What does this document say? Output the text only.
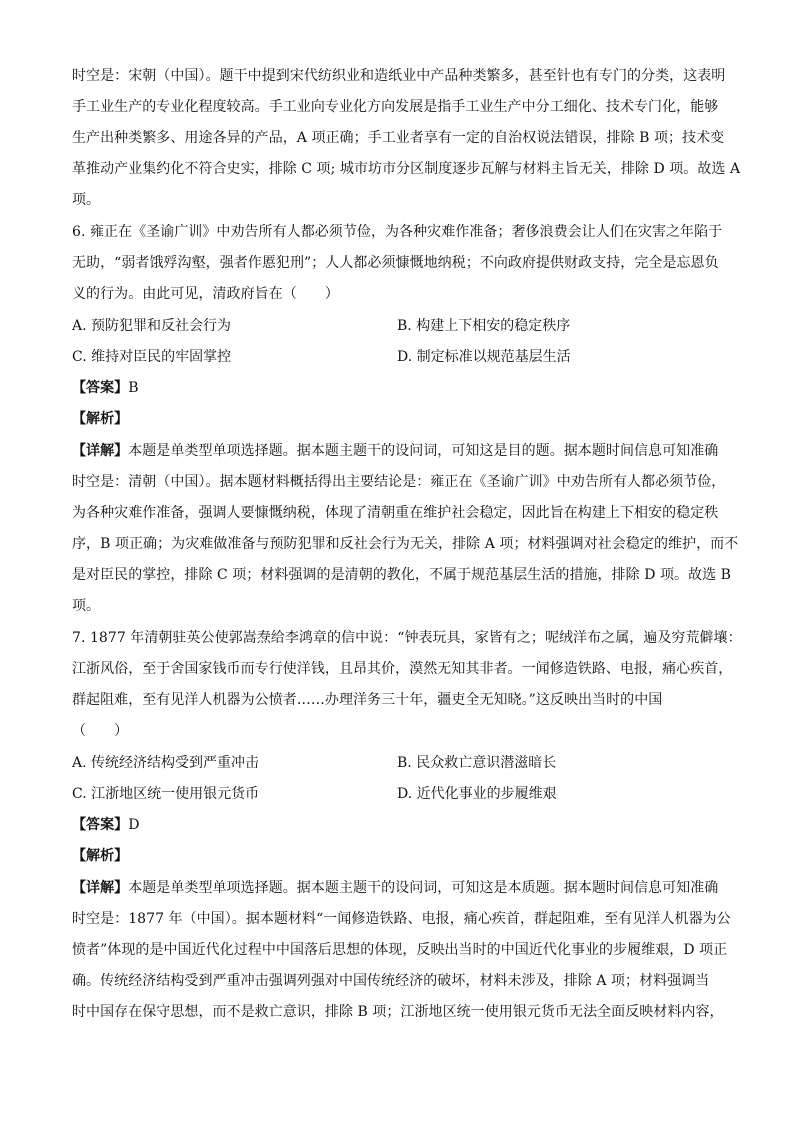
时空是：宋朝（中国）。题干中提到宋代纺织业和造纸业中产品种类繁多，甚至针也有专门的分类，这表明
手工业生产的专业化程度较高。手工业向专业化方向发展是指手工业生产中分工细化、技术专门化，能够
生产出种类繁多、用途各异的产品，A 项正确；手工业者享有一定的自治权说法错误，排除 B 项；技术变
革推动产业集约化不符合史实，排除 C 项; 城市坊市分区制度逐步瓦解与材料主旨无关，排除 D 项。故选 A
项。
6. 雍正在《圣谕广训》中劝告所有人都必须节俭，为各种灾难作准备；奢侈浪费会让人们在灾害之年陷于
无助，“弱者饿殍沟壑，强者作慝犯刑”；人人都必须慷慨地纳税；不向政府提供财政支持，完全是忘恩负
义的行为。由此可见，清政府旨在（　　）
A. 预防犯罪和反社会行为	B. 构建上下相安的稳定秩序
C. 维持对臣民的牢固掌控	D. 制定标准以规范基层生活
【答案】B
【解析】
【详解】本题是单类型单项选择题。据本题主题干的设问词，可知这是目的题。据本题时间信息可知准确
时空是：清朝（中国）。据本题材料概括得出主要结论是：雍正在《圣谕广训》中劝告所有人都必须节俭，
为各种灾难作准备，强调人要慷慨纳税，体现了清朝重在维护社会稳定，因此旨在构建上下相安的稳定秩
序，B 项正确；为灾难做准备与预防犯罪和反社会行为无关，排除 A 项；材料强调对社会稳定的维护，而不
是对臣民的掌控，排除 C 项；材料强调的是清朝的教化，不属于规范基层生活的措施，排除 D 项。故选 B
项。
7. 1877 年清朝驻英公使郭嵩焘给李鸿章的信中说：“钟表玩具，家皆有之；呢绒洋布之属，遍及穷荒僻壤：
江浙风俗，至于舍国家钱币而专行使洋钱，且昂其价，漠然无知其非者。一闻修造铁路、电报，痛心疾首，
群起阻难，至有见洋人机器为公愤者……办理洋务三十年，疆吏全无知晓。”这反映出当时的中国
（　　）
A. 传统经济结构受到严重冲击	B. 民众救亡意识潜滋暗长
C. 江浙地区统一使用银元货币	D. 近代化事业的步履维艰
【答案】D
【解析】
【详解】本题是单类型单项选择题。据本题主题干的设问词，可知这是本质题。据本题时间信息可知准确
时空是：1877 年（中国）。据本题材料“一闻修造铁路、电报，痛心疾首，群起阻难，至有见洋人机器为公
愤者”体现的是中国近代化过程中中国落后思想的体现，反映出当时的中国近代化事业的步履维艰，D 项正
确。传统经济结构受到严重冲击强调列强对中国传统经济的破坏，材料未涉及，排除 A 项；材料强调当
时中国存在保守思想，而不是救亡意识，排除 B 项；江浙地区统一使用银元货币无法全面反映材料内容，
